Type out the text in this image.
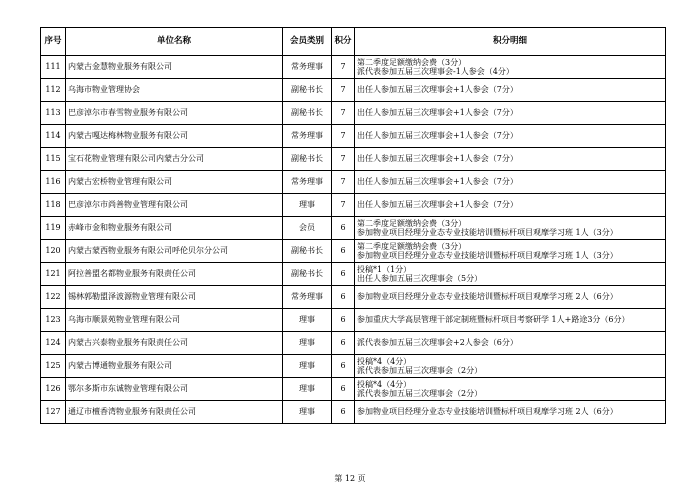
序号	单位名称	会员类别	积分	积分明细
111	内蒙古金慧物业服务有限公司	常务理事	7	第二季度足额缴纳会费（3分）
派代表参加五届三次理事会-1人参会（4分）

112	乌海市物业管理协会	副秘书长	7	出任人参加五届三次理事会+1人参会（7分）

113	巴彦淖尔市春雪物业服务有限公司	副秘书长	7	出任人参加五届三次理事会+1人参会（7分）

114	内蒙古嘎达梅林物业服务有限公司	常务理事	7	出任人参加五届三次理事会+1人参会（7分）

115	宝石花物业管理有限公司内蒙古分公司	副秘书长	7	出任人参加五届三次理事会+1人参会（7分）

116	内蒙古宏桥物业管理有限公司	常务理事	7	出任人参加五届三次理事会+1人参会（7分）

118	巴彦淖尔市尚善物业管理有限公司	理事	7	出任人参加五届三次理事会+1人参会（7分）

119	赤峰市金和物业服务有限公司	会员	6	第二季度足额缴纳会费（3分）
参加物业项目经理分业态专业技能培训暨标杆项目观摩学习班 1人（3分）

120	内蒙古蒙西物业服务有限公司呼伦贝尔分公司	副秘书长	6	第二季度足额缴纳会费（3分）
参加物业项目经理分业态专业技能培训暨标杆项目观摩学习班 1人（3分）

121	阿拉善盟名都物业服务有限责任公司	副秘书长	6	投稿*1（1分）
出任人参加五届三次理事会（5分）

122	锡林郭勒盟泽波源物业管理有限公司	常务理事	6	参加物业项目经理分业态专业技能培训暨标杆项目观摩学习班 2人（6分）

123	乌海市顺景苑物业管理有限公司	理事	6	参加重庆大学高层管理干部定制班暨标杆项目考察研学 1人+路途3分（6分）

124	内蒙古兴泰物业服务有限责任公司	理事	6	派代表参加五届三次理事会+2人参会（6分）

125	内蒙古博通物业服务有限公司	理事	6	投稿*4（4分）
派代表参加五届三次理事会（2分）

126	鄂尔多斯市东诚物业管理有限公司	理事	6	投稿*4（4分）
派代表参加五届三次理事会（2分）

127	通辽市檀香湾物业服务有限责任公司	理事	6	参加物业项目经理分业态专业技能培训暨标杆项目观摩学习班 2人（6分）
第 12 页
